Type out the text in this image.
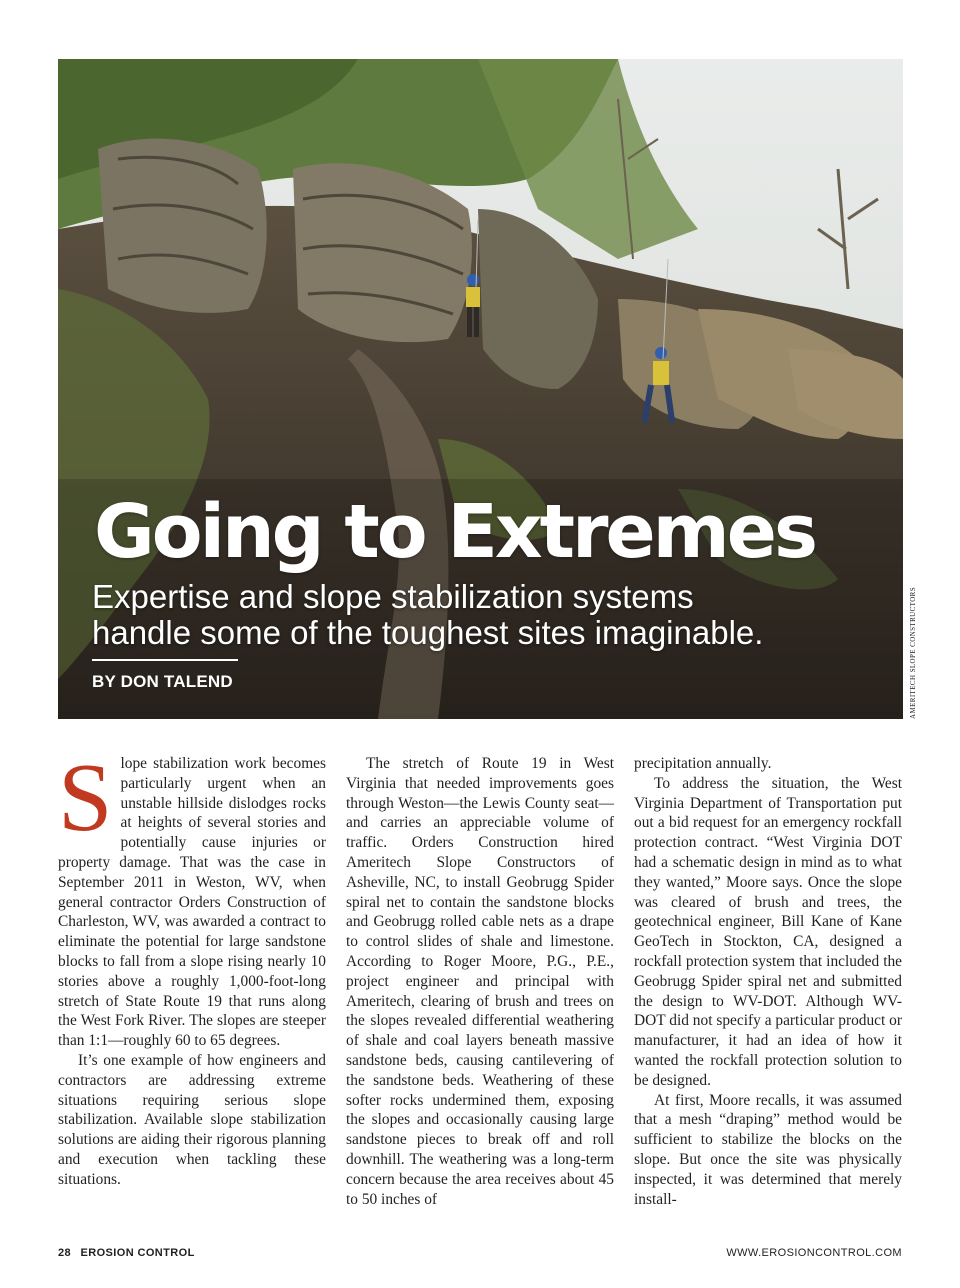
Going to Extremes
Expertise and slope stabilization systems
handle some of the toughest sites imaginable.
BY DON TALEND	AMERITECH SLOPE CONSTRUCTORS

Slope stabilization work becomes particularly urgent when an unstable hillside dislodges rocks at heights of several stories and potentially cause injuries or property damage. That was the case in September 2011 in Weston, WV, when general contractor Orders Construction of Charleston, WV, was awarded a contract to eliminate the potential for large sandstone blocks to fall from a slope rising nearly 10 stories above a roughly 1,000-foot-long stretch of State Route 19 that runs along the West Fork River. The slopes are steeper than 1:1—roughly 60 to 65 degrees.

It’s one example of how engineers and contractors are addressing extreme situations requiring serious slope stabilization. Available slope stabilization solutions are aiding their rigorous planning and execution when tackling these situations.

The stretch of Route 19 in West Virginia that needed improvements goes through Weston—the Lewis County seat—and carries an appreciable volume of traffic. Orders Construction hired Ameritech Slope Constructors of Asheville, NC, to install Geobrugg Spider spiral net to contain the sandstone blocks and Geobrugg rolled cable nets as a drape to control slides of shale and limestone. According to Roger Moore, P.G., P.E., project engineer and principal with Ameritech, clearing of brush and trees on the slopes revealed differential weathering of shale and coal layers beneath massive sandstone beds, causing cantilevering of the sandstone beds. Weathering of these softer rocks undermined them, exposing the slopes and occasionally causing large sandstone pieces to break off and roll downhill. The weathering was a long-term concern because the area receives about 45 to 50 inches of

precipitation annually.

To address the situation, the West Virginia Department of Transportation put out a bid request for an emergency rockfall protection contract. “West Virginia DOT had a schematic design in mind as to what they wanted,” Moore says. Once the slope was cleared of brush and trees, the geotechnical engineer, Bill Kane of Kane GeoTech in Stockton, CA, designed a rockfall protection system that included the Geobrugg Spider spiral net and submitted the design to WV-DOT. Although WV-DOT did not specify a particular product or manufacturer, it had an idea of how it wanted the rockfall protection solution to be designed.

At first, Moore recalls, it was assumed that a mesh “draping” method would be sufficient to stabilize the blocks on the slope. But once the site was physically inspected, it was determined that merely install-

28 EROSION CONTROL	WWW.EROSIONCONTROL.COM
